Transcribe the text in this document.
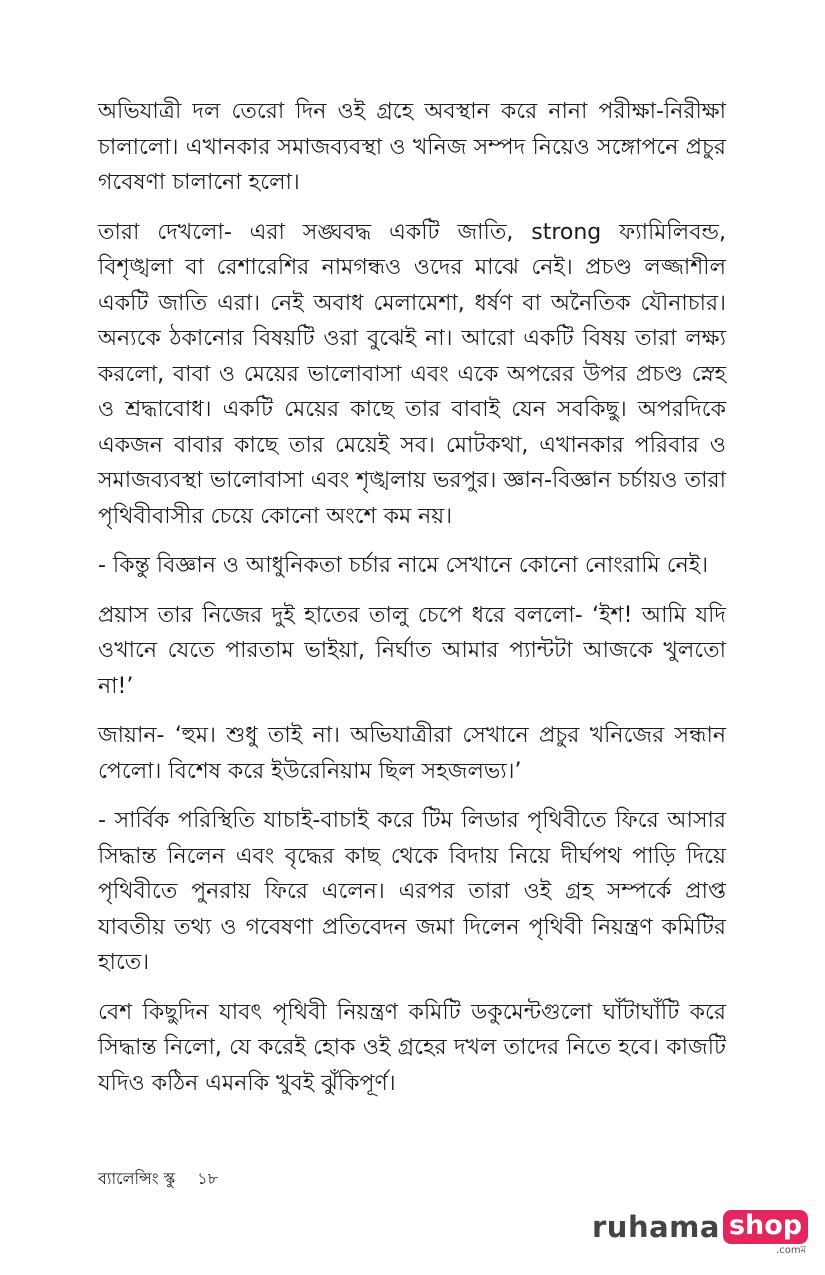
অভিযাত্রী দল তেরো দিন ওই গ্রহে অবস্থান করে নানা পরীক্ষা-নিরীক্ষা চালালো। এখানকার সমাজব্যবস্থা ও খনিজ সম্পদ নিয়েও সঙ্গোপনে প্রচুর গবেষণা চালানো হলো।

তারা দেখলো- এরা সঙ্ঘবদ্ধ একটি জাতি, strong ফ্যামিলিবন্ড, বিশৃঙ্খলা বা রেশারেশির নামগন্ধও ওদের মাঝে নেই। প্রচণ্ড লজ্জাশীল একটি জাতি এরা। নেই অবাধ মেলামেশা, ধর্ষণ বা অনৈতিক যৌনাচার। অন্যকে ঠকানোর বিষয়টি ওরা বুঝেই না। আরো একটি বিষয় তারা লক্ষ্য করলো, বাবা ও মেয়ের ভালোবাসা এবং একে অপরের উপর প্রচণ্ড স্নেহ ও শ্রদ্ধাবোধ। একটি মেয়ের কাছে তার বাবাই যেন সবকিছু। অপরদিকে একজন বাবার কাছে তার মেয়েই সব। মোটকথা, এখানকার পরিবার ও সমাজব্যবস্থা ভালোবাসা এবং শৃঙ্খলায় ভরপুর। জ্ঞান-বিজ্ঞান চর্চায়ও তারা পৃথিবীবাসীর চেয়ে কোনো অংশে কম নয়।

- কিন্তু বিজ্ঞান ও আধুনিকতা চর্চার নামে সেখানে কোনো নোংরামি নেই।

প্রয়াস তার নিজের দুই হাতের তালু চেপে ধরে বললো- ‘ইশ! আমি যদি ওখানে যেতে পারতাম ভাইয়া, নির্ঘাত আমার প্যান্টটা আজকে খুলতো না!’

জায়ান- ‘হুম। শুধু তাই না। অভিযাত্রীরা সেখানে প্রচুর খনিজের সন্ধান পেলো। বিশেষ করে ইউরেনিয়াম ছিল সহজলভ্য।’

- সার্বিক পরিস্থিতি যাচাই-বাচাই করে টিম লিডার পৃথিবীতে ফিরে আসার সিদ্ধান্ত নিলেন এবং বৃদ্ধের কাছ থেকে বিদায় নিয়ে দীর্ঘপথ পাড়ি দিয়ে পৃথিবীতে পুনরায় ফিরে এলেন। এরপর তারা ওই গ্রহ সম্পর্কে প্রাপ্ত যাবতীয় তথ্য ও গবেষণা প্রতিবেদন জমা দিলেন পৃথিবী নিয়ন্ত্রণ কমিটির হাতে।

বেশ কিছুদিন যাবৎ পৃথিবী নিয়ন্ত্রণ কমিটি ডকুমেন্টগুলো ঘাঁটাঘাঁটি করে সিদ্ধান্ত নিলো, যে করেই হোক ওই গ্রহের দখল তাদের নিতে হবে। কাজটি যদিও কঠিন এমনকি খুবই ঝুঁকিপূর্ণ।

ব্যালেন্সিং স্কু ১৮
ruhama shop
.comম
